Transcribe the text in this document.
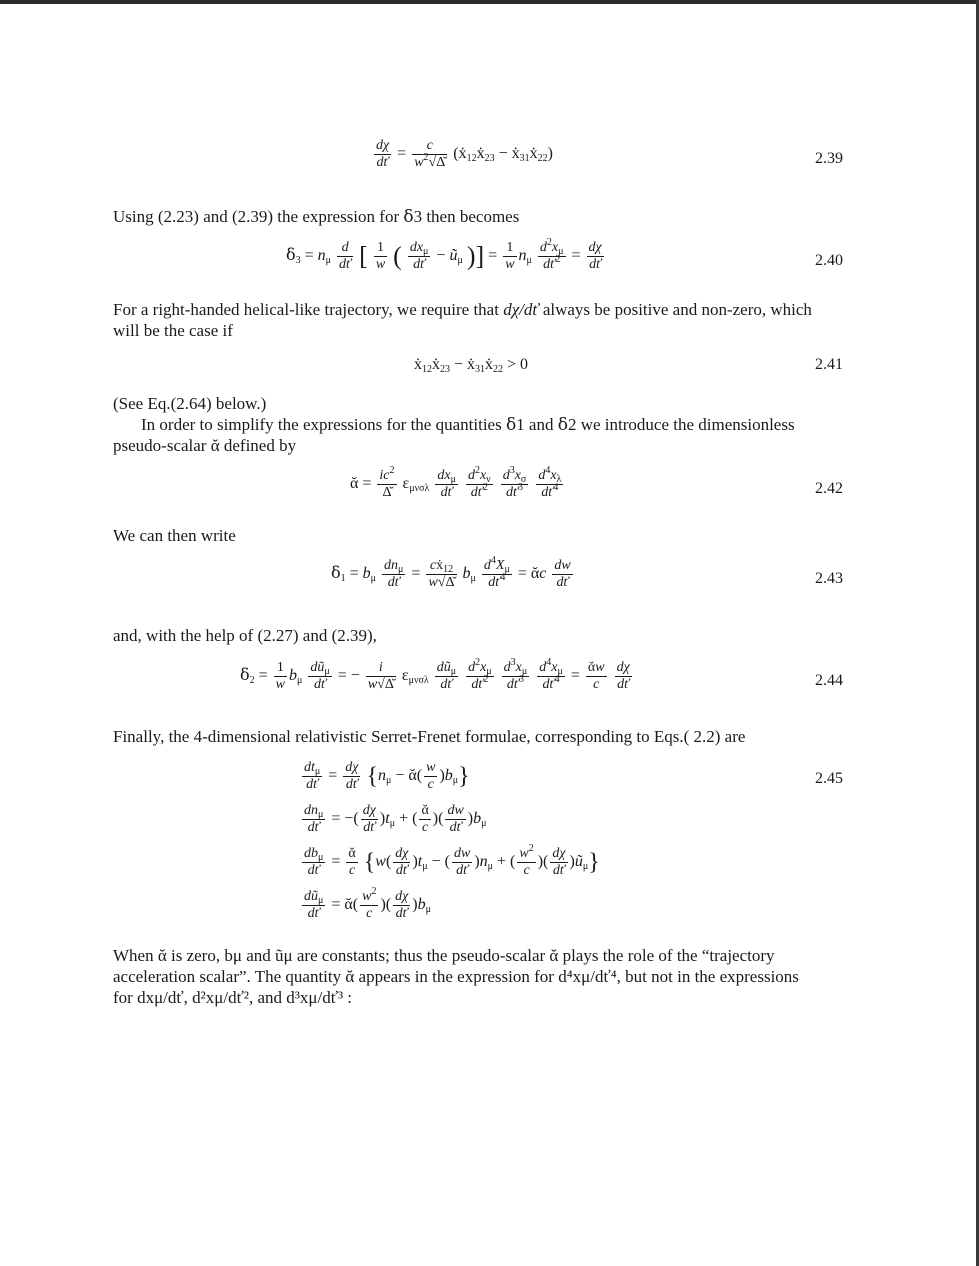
$\frac{d\chi}{dť} = \frac{c}{w^2√\Deltă}$ (ẋ$_{12}$ẋ$_{23}$ − ẋ$_{31}$ẋ$_{22}$)	2.39
Using (2.23) and (2.39) the expression for ẟ3 then becomes
ẟ$_3$ = $n_\mu \frac{d}{dť}$ [ $\frac{1}{w}$ ( $\frac{dx_\mu}{dť}$ − $ũ_\mu$ )] = $\frac{1}{w} n_\mu \frac{d^2x_\mu}{dť^2} = \frac{d\chi}{dť}$	2.40
For a right-handed helical-like trajectory, we require that dχ/dť always be positive and non-zero, which
will be the case if
ẋ$_{12}$ẋ$_{23}$ − ẋ$_{31}$ẋ$_{22}$ > 0	2.41
(See Eq.(2.64) below.)
In order to simplify the expressions for the quantities ẟ1 and ẟ2 we introduce the dimensionless
pseudo-scalar ᾰ defined by
ᾰ = $\frac{ic^2}{\Deltă} \varepsilon_{\mu\nu\sigma\lambda} \frac{dx_\mu}{dť}$
$\frac{d^2x_\nu}{dť^2}$
$\frac{d^3x_\sigma}{dť^3}$
$\frac{d^4x_\lambda}{dť^4}$	2.42
We can then write
ẟ$_1$ = $b_\mu \frac{dn_\mu}{dť} = \frac{cẋ_{12}}{w√\Deltă} b_\mu \frac{d^4X_\mu}{dť^4}$ = ᾰc $\frac{dw}{dť}$	2.43
and, with the help of (2.27) and (2.39),
ẟ$_2$ = $\frac{1}{w} b_\mu \frac{dũ_\mu}{dť}$ = − $\frac{i}{w√\Deltă} \varepsilon_{\mu\nu\sigma\lambda} \frac{dũ_\mu}{dť}$
$\frac{d^2x_\mu}{dť^2}$
$\frac{d^3x_\mu}{dť^3}$
$\frac{d^4x_\mu}{dť^4} = \frac{\text{ᾰw}}{c}$
$\frac{d\chi}{dť}$	2.44
Finally, the 4-dimensional relativistic Serret-Frenet formulae, corresponding to Eqs.( 2.2) are
$\frac{dt_\mu}{dť} = \frac{d\chi}{dť} \{n_\mu$ − ᾰ( $\frac{w}{c} )b_\mu$}	2.45
$\frac{dn_\mu}{dť}$ = −( $\frac{d\chi}{dť} )t_\mu$ + ( $\frac{\text{ᾰ}}{c}$ )( $\frac{dw}{dť} )b_\mu$
$\frac{db_\mu}{dť} = \frac{\text{ᾰ}}{c} \{w( \frac{d\chi}{dť} )t_\mu$ − ( $\frac{dw}{dť} )n_\mu$ + ( $\frac{w^2}{c}$ )( $\frac{d\chi}{dť}$ )$ũ_\mu$}
$\frac{dũ_\mu}{dť}$ = ᾰ( $\frac{w^2}{c}$ )( $\frac{d\chi}{dť} )b_\mu$
When ᾰ is zero, bμ and ũμ are constants; thus the pseudo-scalar ᾰ plays the role of the “trajectory
acceleration scalar”. The quantity ᾰ appears in the expression for d⁴xμ/dť⁴, but not in the expressions
for dxμ/dť, d²xμ/dť², and d³xμ/dť³ :
